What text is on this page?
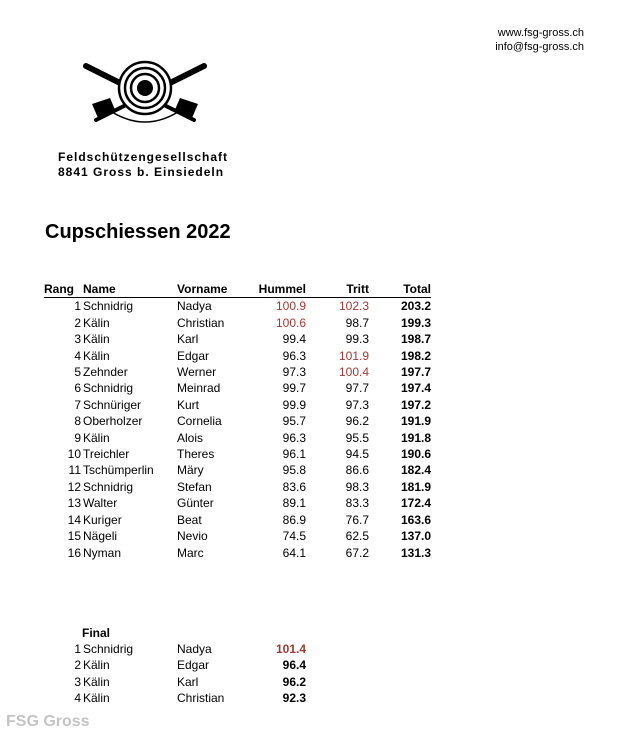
www.fsg-gross.ch
info@fsg-gross.ch
Feldschützengesellschaft
8841 Gross b. Einsiedeln
Cupschiessen 2022
Rang	Name	Vorname	Hummel	Tritt	Total
1	Schnidrig	Nadya	100.9	102.3	203.2
2	Kälin	Christian	100.6	98.7	199.3
3	Kälin	Karl	99.4	99.3	198.7
4	Kälin	Edgar	96.3	101.9	198.2
5	Zehnder	Werner	97.3	100.4	197.7
6	Schnidrig	Meinrad	99.7	97.7	197.4
7	Schnüriger	Kurt	99.9	97.3	197.2
8	Oberholzer	Cornelia	95.7	96.2	191.9
9	Kälin	Alois	96.3	95.5	191.8
10	Treichler	Theres	96.1	94.5	190.6
11	Tschümperlin	Märy	95.8	86.6	182.4
12	Schnidrig	Stefan	83.6	98.3	181.9
13	Walter	Günter	89.1	83.3	172.4
14	Kuriger	Beat	86.9	76.7	163.6
15	Nägeli	Nevio	74.5	62.5	137.0
16	Nyman	Marc	64.1	67.2	131.3
Final
1	Schnidrig	Nadya	101.4
2	Kälin	Edgar	96.4
3	Kälin	Karl	96.2
4	Kälin	Christian	92.3
FSG Gross
